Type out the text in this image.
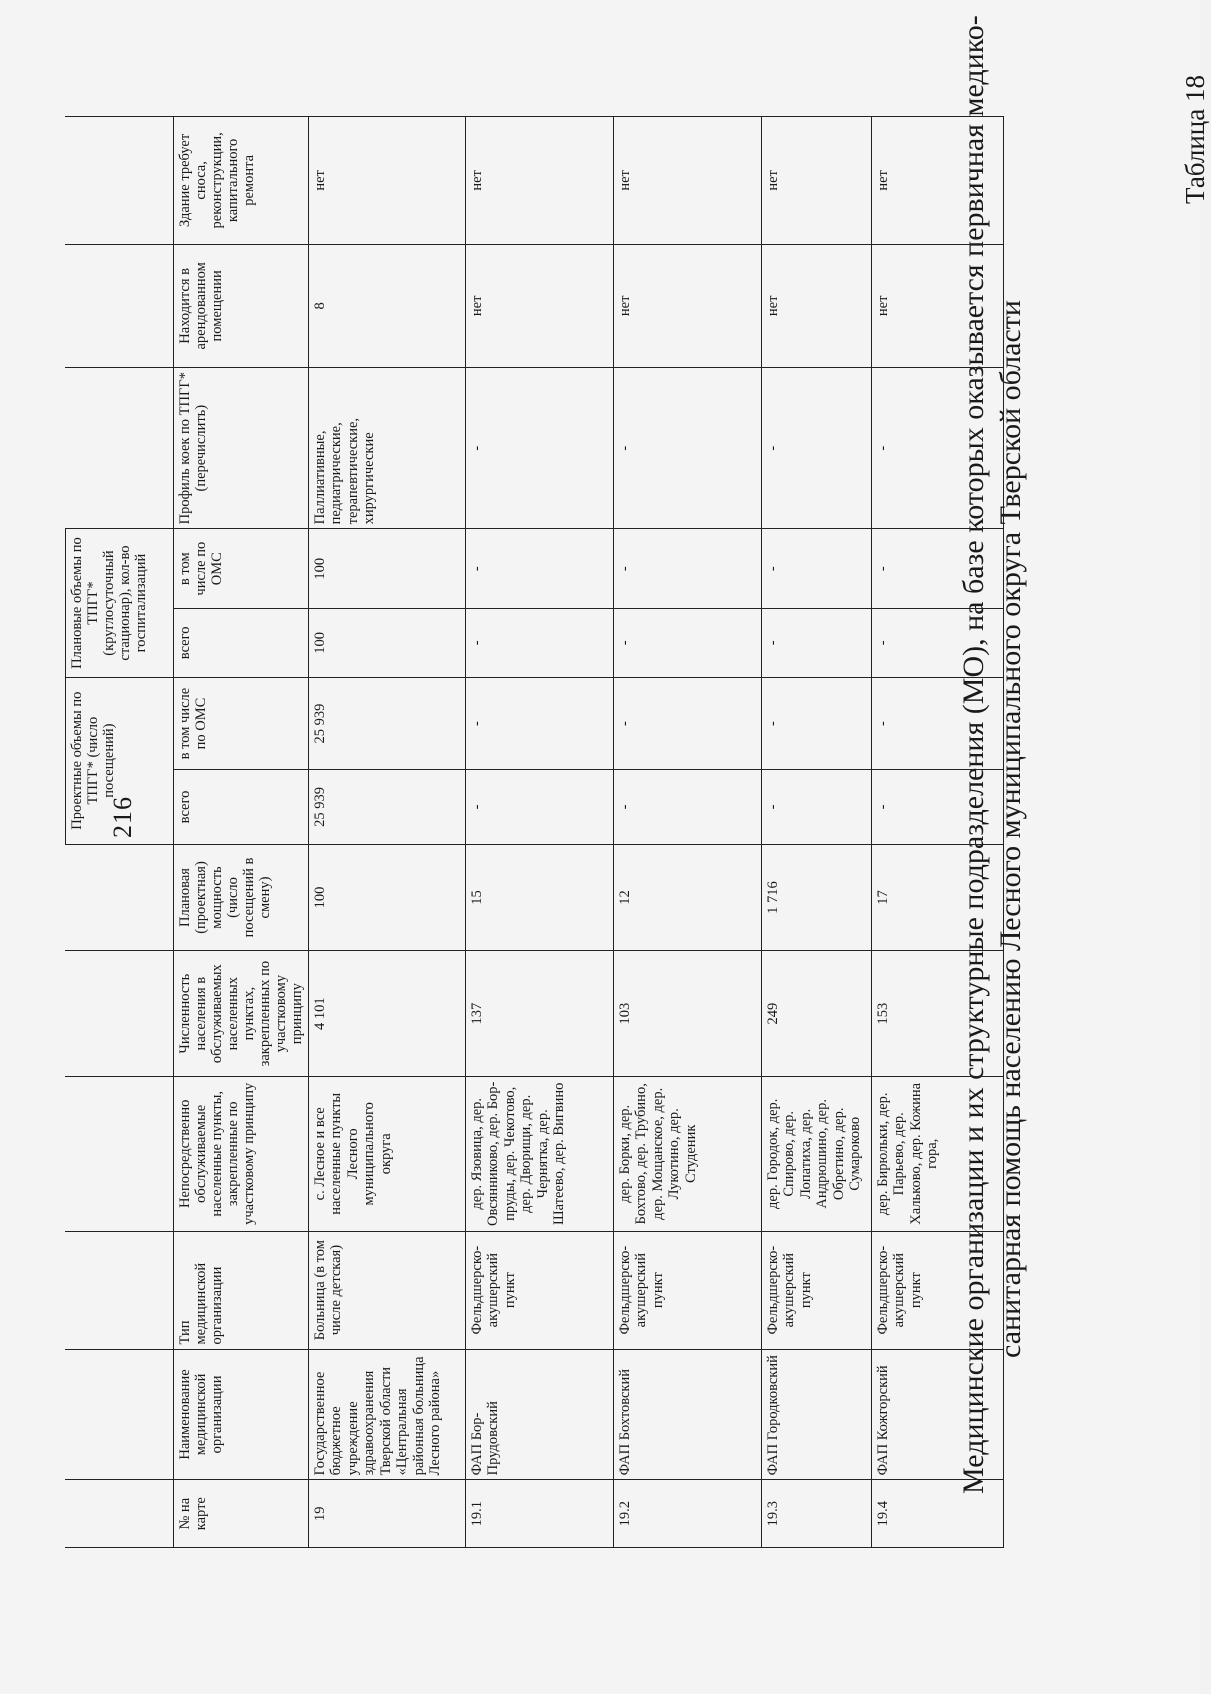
216
Таблица 18
Медицинские организации и их структурные подразделения (МО), на базе которых оказывается первичная медико- санитарная помощь населению Лесного муниципального округа Тверской области
19.4	ФАП Кожгорский	Фельдшерско-акушерский пункт	дер. Бирюльки, дер. Парьево, дер. Хальково, дер. Кожина гора,	153	17	-	-	-	-	-	нет	нет
19.3	ФАП Городковский	Фельдшерско-акушерский пункт	дер. Городок, дер. Спирово, дер. Лопатиха, дер. Андрюшино, дер. Обретино, дер. Сумароково	249	1 716	-	-	-	-	-	нет	нет
19.2	ФАП Бохтовский	Фельдшерско-акушерский пункт	дер. Борки, дер. Бохтово, дер. Трубино, дер. Мощанское, дер. Лукотино, дер. Студеник	103	12	-	-	-	-	-	нет	нет
19.1	ФАП Бор-Прудовский	Фельдшерско-акушерский пункт	дер. Язовица, дер. Овсянниково, дер. Бор-пруды, дер. Чекотово, дер. Дворищи, дер. Чернятка, дер. Шатеево, дер. Вигвино	137	15	-	-	-	-	-	нет	нет
19	Государственное бюджетное учреждение здравоохранения Тверской области «Центральная районная больница Лесного района»	Больница (в том числе детская)	с. Лесное и все населенные пункты Лесного муниципального округа	4 101	100	25 939	25 939	100	100	Паллиативные, педиатрические, терапевтические, хирургические	8	нет
№ на карте	Наименование медицинской организации	Тип медицинской организации	Непосредственно обслуживаемые населенные пункты, закрепленные по участковому принципу	Численность населения в обслуживаемых населенных пунктах, закрепленных по участковому принципу	Плановая (проектная) мощность (число посещений в смену)	всего	в том числе по ОМС	всего	в том числе по ОМС	Профиль коек по ТПГГ* (перечислить)	Находится в арендованном помещении	Здание требует сноса, реконструкции, капитального ремонта
						Проектные объемы по ТПГГ* (число посещений)		Плановые объемы по ТПГГ* (круглосуточный стационар), кол-во госпитализаций				
